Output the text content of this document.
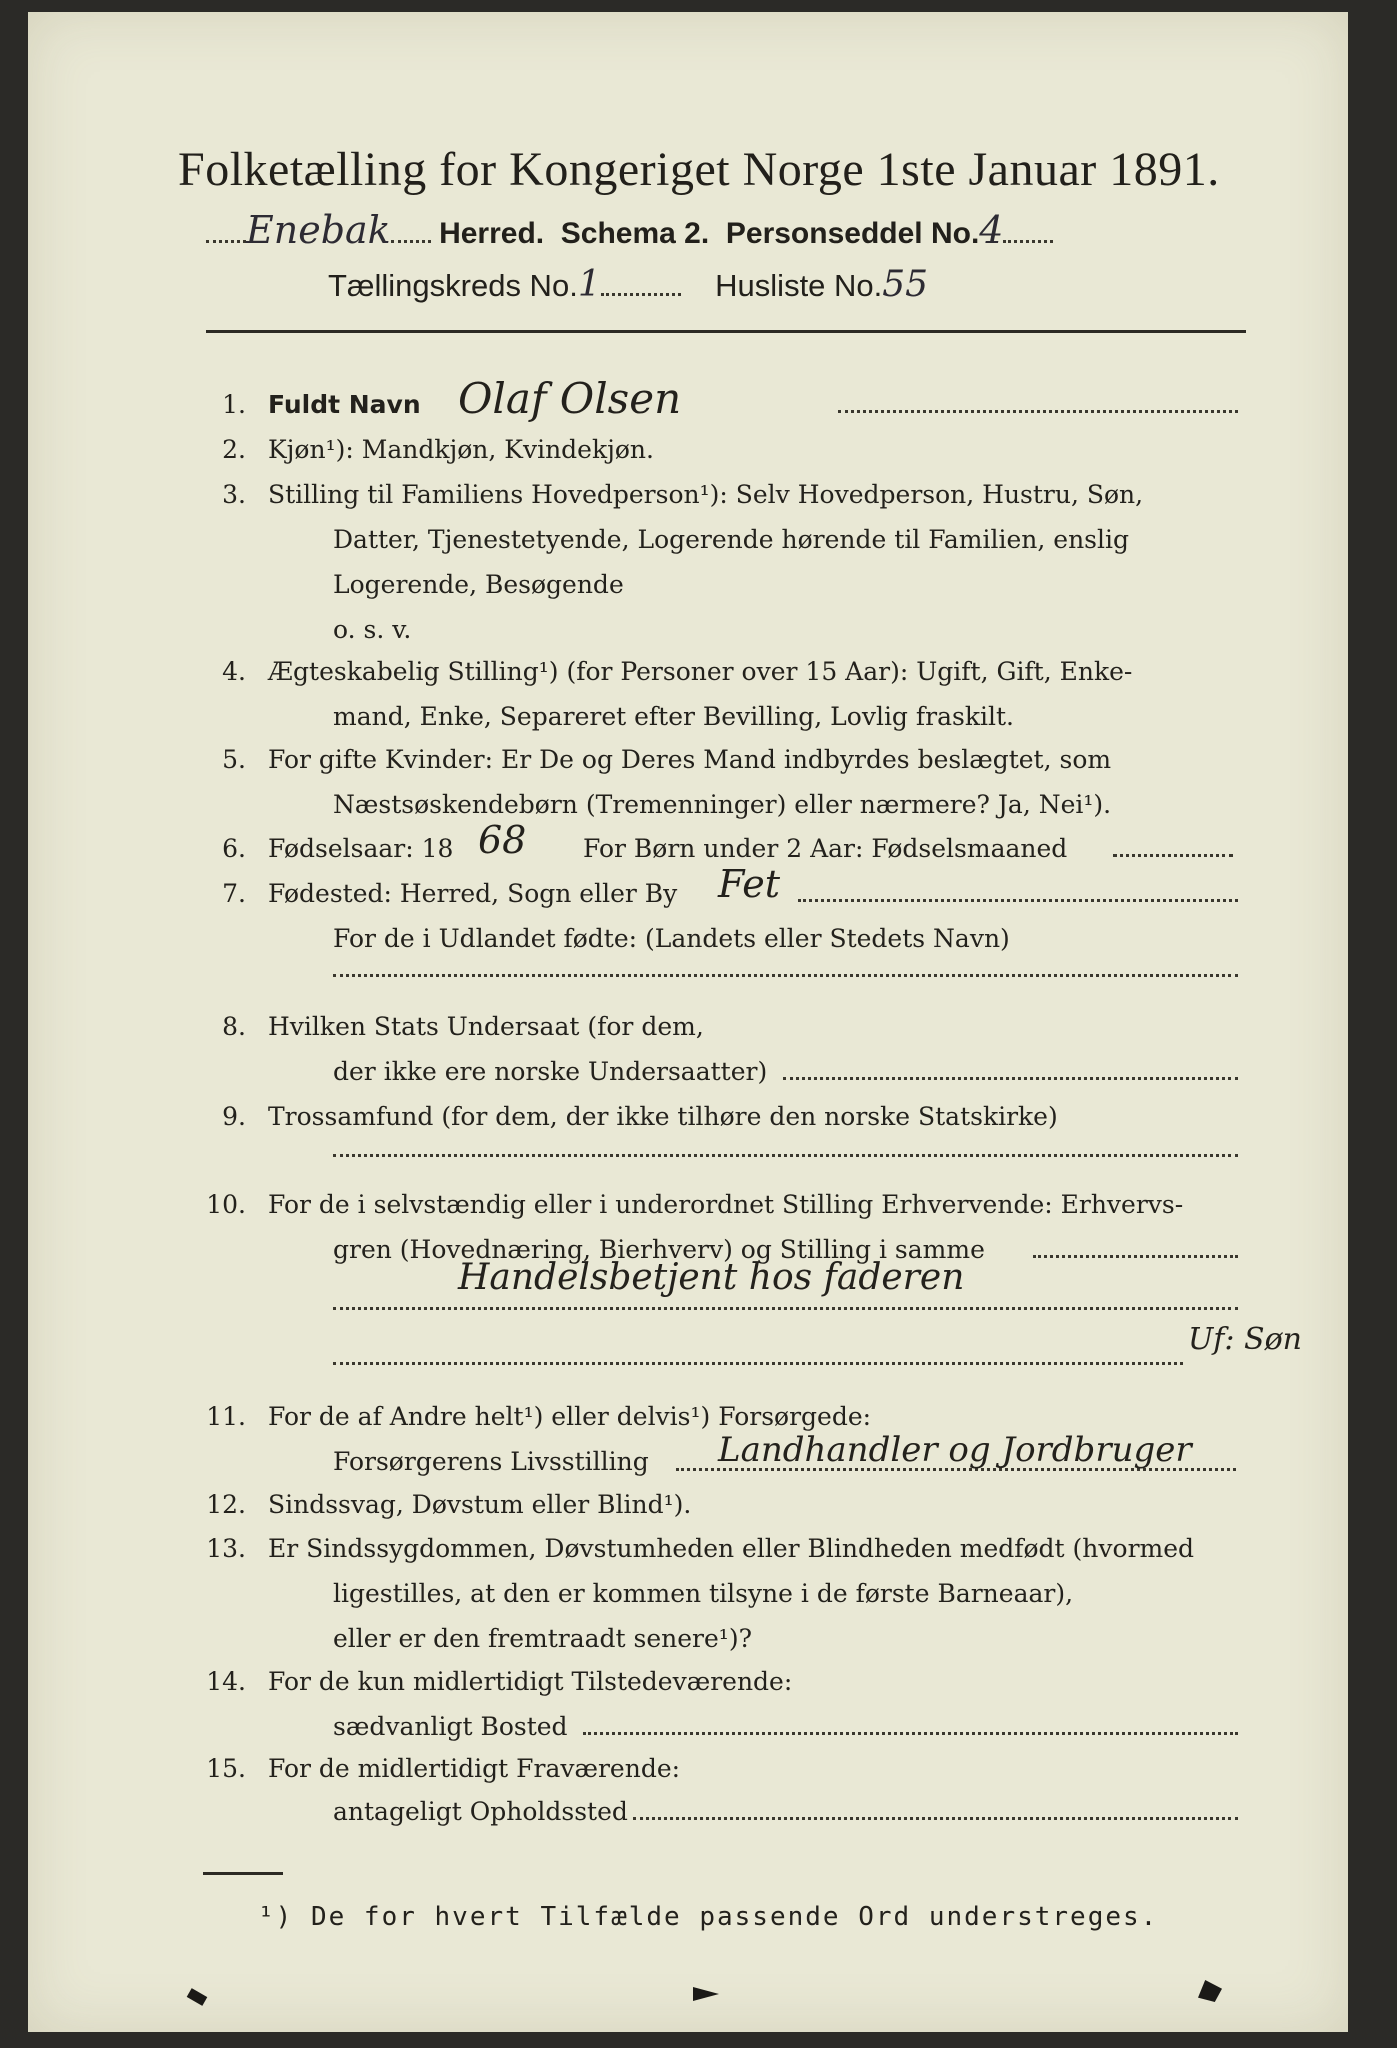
Folketælling for Kongeriget Norge 1ste Januar 1891.
Enebak Herred. Schema 2. Personseddel No.4
Tællingskreds No.1	Husliste No.55
1. Fuldt Navn Olaf Olsen
2. Kjøn¹): Mandkjøn, Kvindekjøn.
3. Stilling til Familiens Hovedperson¹): Selv Hovedperson, Hustru, Søn,
Datter, Tjenestetyende, Logerende hørende til Familien, enslig
Logerende, Besøgende
o. s. v.
4. Ægteskabelig Stilling¹) (for Personer over 15 Aar): Ugift, Gift, Enke-
mand, Enke, Separeret efter Bevilling, Lovlig fraskilt.
5. For gifte Kvinder: Er De og Deres Mand indbyrdes beslægtet, som
Næstsøskendebørn (Tremenninger) eller nærmere? Ja, Nei¹).
6. Fødselsaar: 18 68 For Børn under 2 Aar: Fødselsmaaned
7. Fødested: Herred, Sogn eller By Fet
For de i Udlandet fødte: (Landets eller Stedets Navn)
8. Hvilken Stats Undersaat (for dem,
der ikke ere norske Undersaatter)
9. Trossamfund (for dem, der ikke tilhøre den norske Statskirke)
10. For de i selvstændig eller i underordnet Stilling Erhvervende: Erhvervs-
gren (Hovednæring, Bierhverv) og Stilling i samme
Handelsbetjent hos faderen
Uf: Søn
11. For de af Andre helt¹) eller delvis¹) Forsørgede:
Forsørgerens Livsstilling Landhandler og Jordbruger
12. Sindssvag, Døvstum eller Blind¹).
13. Er Sindssygdommen, Døvstumheden eller Blindheden medfødt (hvormed
ligestilles, at den er kommen tilsyne i de første Barneaar),
eller er den fremtraadt senere¹)?
14. For de kun midlertidigt Tilstedeværende:
sædvanligt Bosted
15. For de midlertidigt Fraværende:
antageligt Opholdssted
¹) De for hvert Tilfælde passende Ord understreges.
